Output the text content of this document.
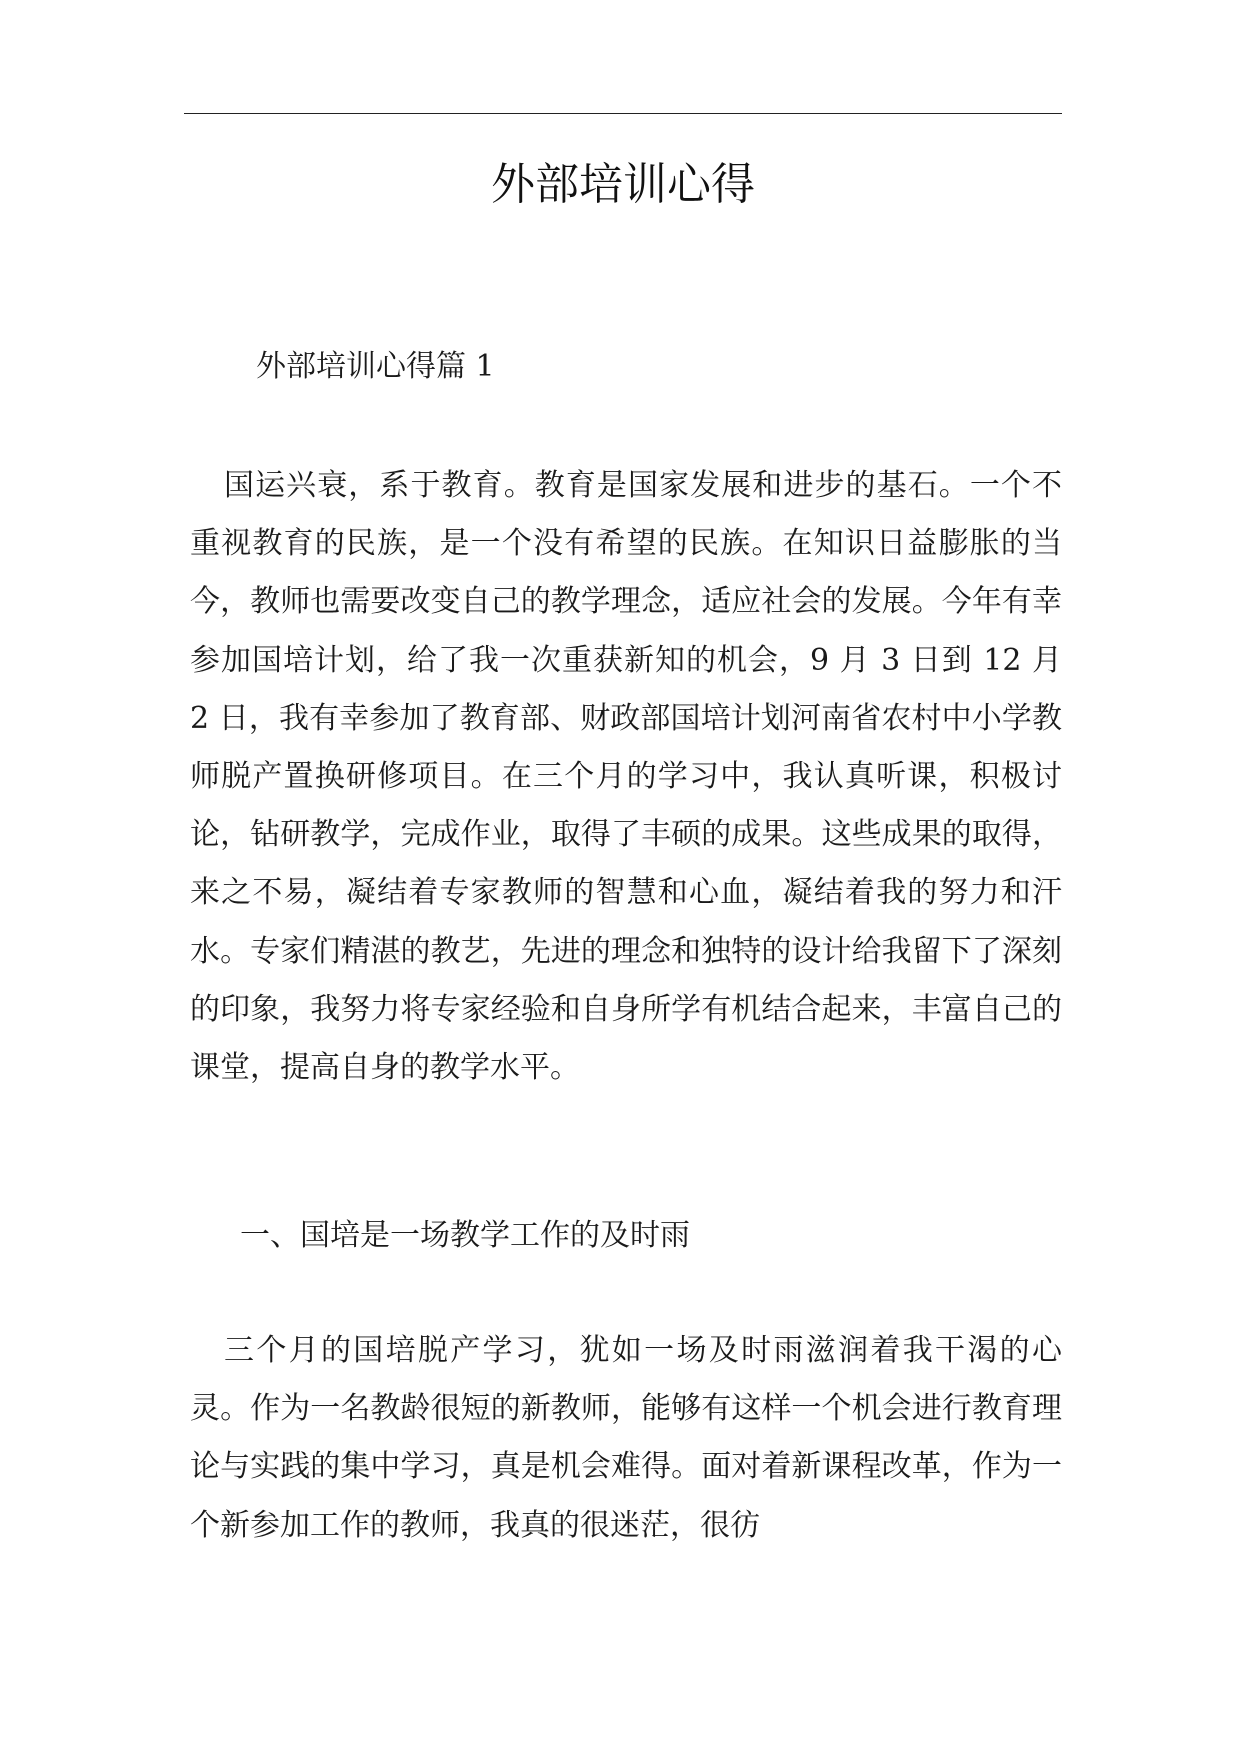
外部培训心得

外部培训心得篇 1

国运兴衰，系于教育。教育是国家发展和进步的基石。一个不重视教育的民族，是一个没有希望的民族。在知识日益膨胀的当今，教师也需要改变自己的教学理念，适应社会的发展。今年有幸参加国培计划，给了我一次重获新知的机会，9 月 3 日到 12 月 2 日，我有幸参加了教育部、财政部国培计划河南省农村中小学教师脱产置换研修项目。在三个月的学习中，我认真听课，积极讨论，钻研教学，完成作业，取得了丰硕的成果。这些成果的取得，来之不易，凝结着专家教师的智慧和心血，凝结着我的努力和汗水。专家们精湛的教艺，先进的理念和独特的设计给我留下了深刻的印象，我努力将专家经验和自身所学有机结合起来，丰富自己的课堂，提高自身的教学水平。

一、国培是一场教学工作的及时雨

三个月的国培脱产学习，犹如一场及时雨滋润着我干渴的心灵。作为一名教龄很短的新教师，能够有这样一个机会进行教育理论与实践的集中学习，真是机会难得。面对着新课程改革，作为一个新参加工作的教师，我真的很迷茫，很彷
